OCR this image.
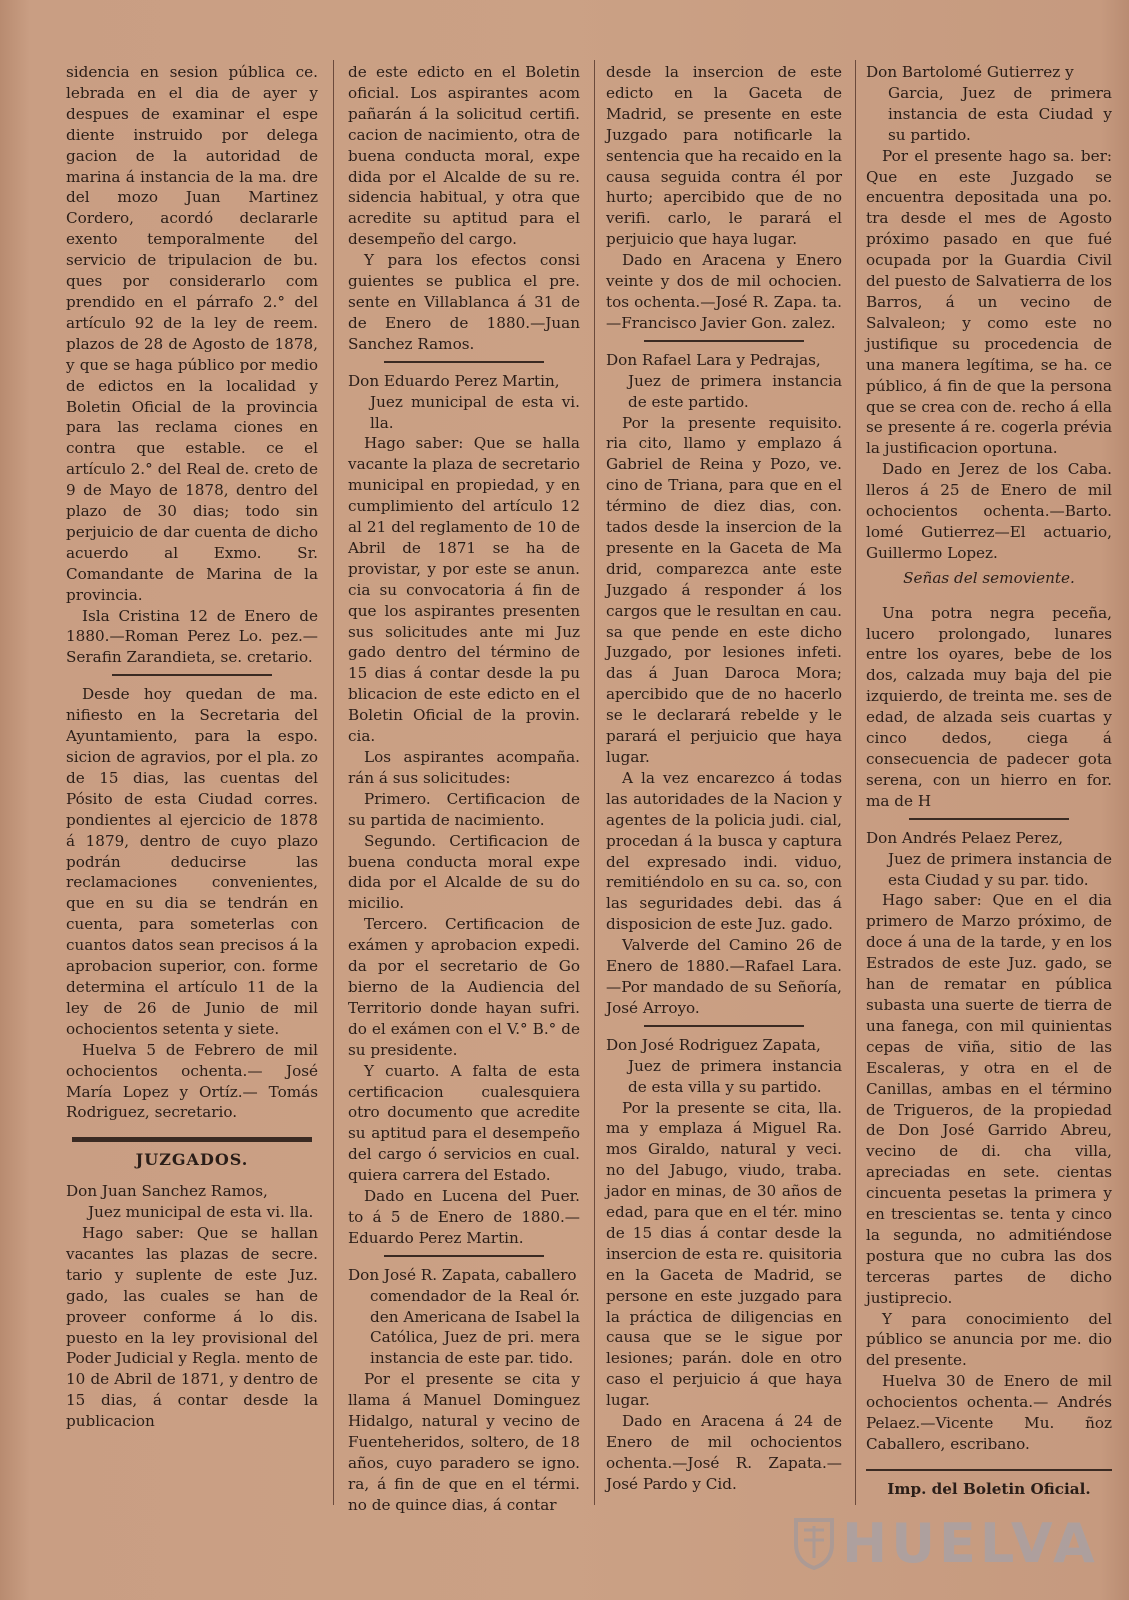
sidencia en sesion pública ce. lebrada en el dia de ayer y despues de examinar el espe diente instruido por delega gacion de la autoridad de marina á instancia de la ma. dre del mozo Juan Martinez Cordero, acordó declararle exento temporalmente del servicio de tripulacion de bu. ques por considerarlo com prendido en el párrafo 2.° del artículo 92 de la ley de reem. plazos de 28 de Agosto de 1878, y que se haga público por medio de edictos en la localidad y Boletin Oficial de la provincia para las reclama ciones en contra que estable. ce el artículo 2.° del Real de. creto de 9 de Mayo de 1878, dentro del plazo de 30 dias; todo sin perjuicio de dar cuenta de dicho acuerdo al Exmo. Sr. Comandante de Marina de la provincia.

Isla Cristina 12 de Enero de 1880.—Roman Perez Lo. pez.—Serafin Zarandieta, se. cretario.

Desde hoy quedan de ma. nifiesto en la Secretaria del Ayuntamiento, para la espo. sicion de agravios, por el pla. zo de 15 dias, las cuentas del Pósito de esta Ciudad corres. pondientes al ejercicio de 1878 á 1879, dentro de cuyo plazo podrán deducirse las reclamaciones convenientes, que en su dia se tendrán en cuenta, para someterlas con cuantos datos sean precisos á la aprobacion superior, con. forme determina el artículo 11 de la ley de 26 de Junio de mil ochocientos setenta y siete.

Huelva 5 de Febrero de mil ochocientos ochenta.— José María Lopez y Ortíz.— Tomás Rodriguez, secretario.

JUZGADOS.

Don Juan Sanchez Ramos,

Juez municipal de esta vi. lla.

Hago saber: Que se hallan vacantes las plazas de secre. tario y suplente de este Juz. gado, las cuales se han de proveer conforme á lo dis. puesto en la ley provisional del Poder Judicial y Regla. mento de 10 de Abril de 1871, y dentro de 15 dias, á contar desde la publicacion

de este edicto en el Boletin oficial. Los aspirantes acom pañarán á la solicitud certifi. cacion de nacimiento, otra de buena conducta moral, expe dida por el Alcalde de su re. sidencia habitual, y otra que acredite su aptitud para el desempeño del cargo.

Y para los efectos consi guientes se publica el pre. sente en Villablanca á 31 de de Enero de 1880.—Juan Sanchez Ramos.

Don Eduardo Perez Martin,

Juez municipal de esta vi. lla.

Hago saber: Que se halla vacante la plaza de secretario municipal en propiedad, y en cumplimiento del artículo 12 al 21 del reglamento de 10 de Abril de 1871 se ha de provistar, y por este se anun. cia su convocatoria á fin de que los aspirantes presenten sus solicitudes ante mi Juz gado dentro del término de 15 dias á contar desde la pu blicacion de este edicto en el Boletin Oficial de la provin. cia.

Los aspirantes acompaña. rán á sus solicitudes:

Primero. Certificacion de su partida de nacimiento.

Segundo. Certificacion de buena conducta moral expe dida por el Alcalde de su do micilio.

Tercero. Certificacion de exámen y aprobacion expedi. da por el secretario de Go bierno de la Audiencia del Territorio donde hayan sufri. do el exámen con el V.° B.° de su presidente.

Y cuarto. A falta de esta certificacion cualesquiera otro documento que acredite su aptitud para el desempeño del cargo ó servicios en cual. quiera carrera del Estado.

Dado en Lucena del Puer. to á 5 de Enero de 1880.— Eduardo Perez Martin.

Don José R. Zapata, caballero

comendador de la Real ór. den Americana de Isabel la Católica, Juez de pri. mera instancia de este par. tido.

Por el presente se cita y llama á Manuel Dominguez Hidalgo, natural y vecino de Fuenteheridos, soltero, de 18 años, cuyo paradero se igno. ra, á fin de que en el térmi. no de quince dias, á contar

desde la insercion de este edicto en la Gaceta de Madrid, se presente en este Juzgado para notificarle la sentencia que ha recaido en la causa seguida contra él por hurto; apercibido que de no verifi. carlo, le parará el perjuicio que haya lugar.

Dado en Aracena y Enero veinte y dos de mil ochocien. tos ochenta.—José R. Zapa. ta.—Francisco Javier Gon. zalez.

Don Rafael Lara y Pedrajas,

Juez de primera instancia de este partido.

Por la presente requisito. ria cito, llamo y emplazo á Gabriel de Reina y Pozo, ve. cino de Triana, para que en el término de diez dias, con. tados desde la insercion de la presente en la Gaceta de Ma drid, comparezca ante este Juzgado á responder á los cargos que le resultan en cau. sa que pende en este dicho Juzgado, por lesiones infeti. das á Juan Daroca Mora; apercibido que de no hacerlo se le declarará rebelde y le parará el perjuicio que haya lugar.

A la vez encarezco á todas las autoridades de la Nacion y agentes de la policia judi. cial, procedan á la busca y captura del expresado indi. viduo, remitiéndolo en su ca. so, con las seguridades debi. das á disposicion de este Juz. gado.

Valverde del Camino 26 de Enero de 1880.—Rafael Lara.—Por mandado de su Señoría, José Arroyo.

Don José Rodriguez Zapata,

Juez de primera instancia de esta villa y su partido.

Por la presente se cita, lla. ma y emplaza á Miguel Ra. mos Giraldo, natural y veci. no del Jabugo, viudo, traba. jador en minas, de 30 años de edad, para que en el tér. mino de 15 dias á contar desde la insercion de esta re. quisitoria en la Gaceta de Madrid, se persone en este juzgado para la práctica de diligencias en causa que se le sigue por lesiones; parán. dole en otro caso el perjuicio á que haya lugar.

Dado en Aracena á 24 de Enero de mil ochocientos ochenta.—José R. Zapata.— José Pardo y Cid.

Don Bartolomé Gutierrez y

Garcia, Juez de primera instancia de esta Ciudad y su partido.

Por el presente hago sa. ber: Que en este Juzgado se encuentra depositada una po. tra desde el mes de Agosto próximo pasado en que fué ocupada por la Guardia Civil del puesto de Salvatierra de los Barros, á un vecino de Salvaleon; y como este no justifique su procedencia de una manera legítima, se ha. ce público, á fin de que la persona que se crea con de. recho á ella se presente á re. cogerla prévia la justificacion oportuna.

Dado en Jerez de los Caba. lleros á 25 de Enero de mil ochocientos ochenta.—Barto. lomé Gutierrez—El actuario, Guillermo Lopez.

Señas del semoviente.

Una potra negra peceña, lucero prolongado, lunares entre los oyares, bebe de los dos, calzada muy baja del pie izquierdo, de treinta me. ses de edad, de alzada seis cuartas y cinco dedos, ciega á consecuencia de padecer gota serena, con un hierro en for. ma de H

Don Andrés Pelaez Perez,

Juez de primera instancia de esta Ciudad y su par. tido.

Hago saber: Que en el dia primero de Marzo próximo, de doce á una de la tarde, y en los Estrados de este Juz. gado, se han de rematar en pública subasta una suerte de tierra de una fanega, con mil quinientas cepas de viña, sitio de las Escaleras, y otra en el de Canillas, ambas en el término de Trigueros, de la propiedad de Don José Garrido Abreu, vecino de di. cha villa, apreciadas en sete. cientas cincuenta pesetas la primera y en trescientas se. tenta y cinco la segunda, no admitiéndose postura que no cubra las dos terceras partes de dicho justiprecio.

Y para conocimiento del público se anuncia por me. dio del presente.

Huelva 30 de Enero de mil ochocientos ochenta.— Andrés Pelaez.—Vicente Mu. ñoz Caballero, escribano.

Imp. del Boletin Oficial.

HUELVA
